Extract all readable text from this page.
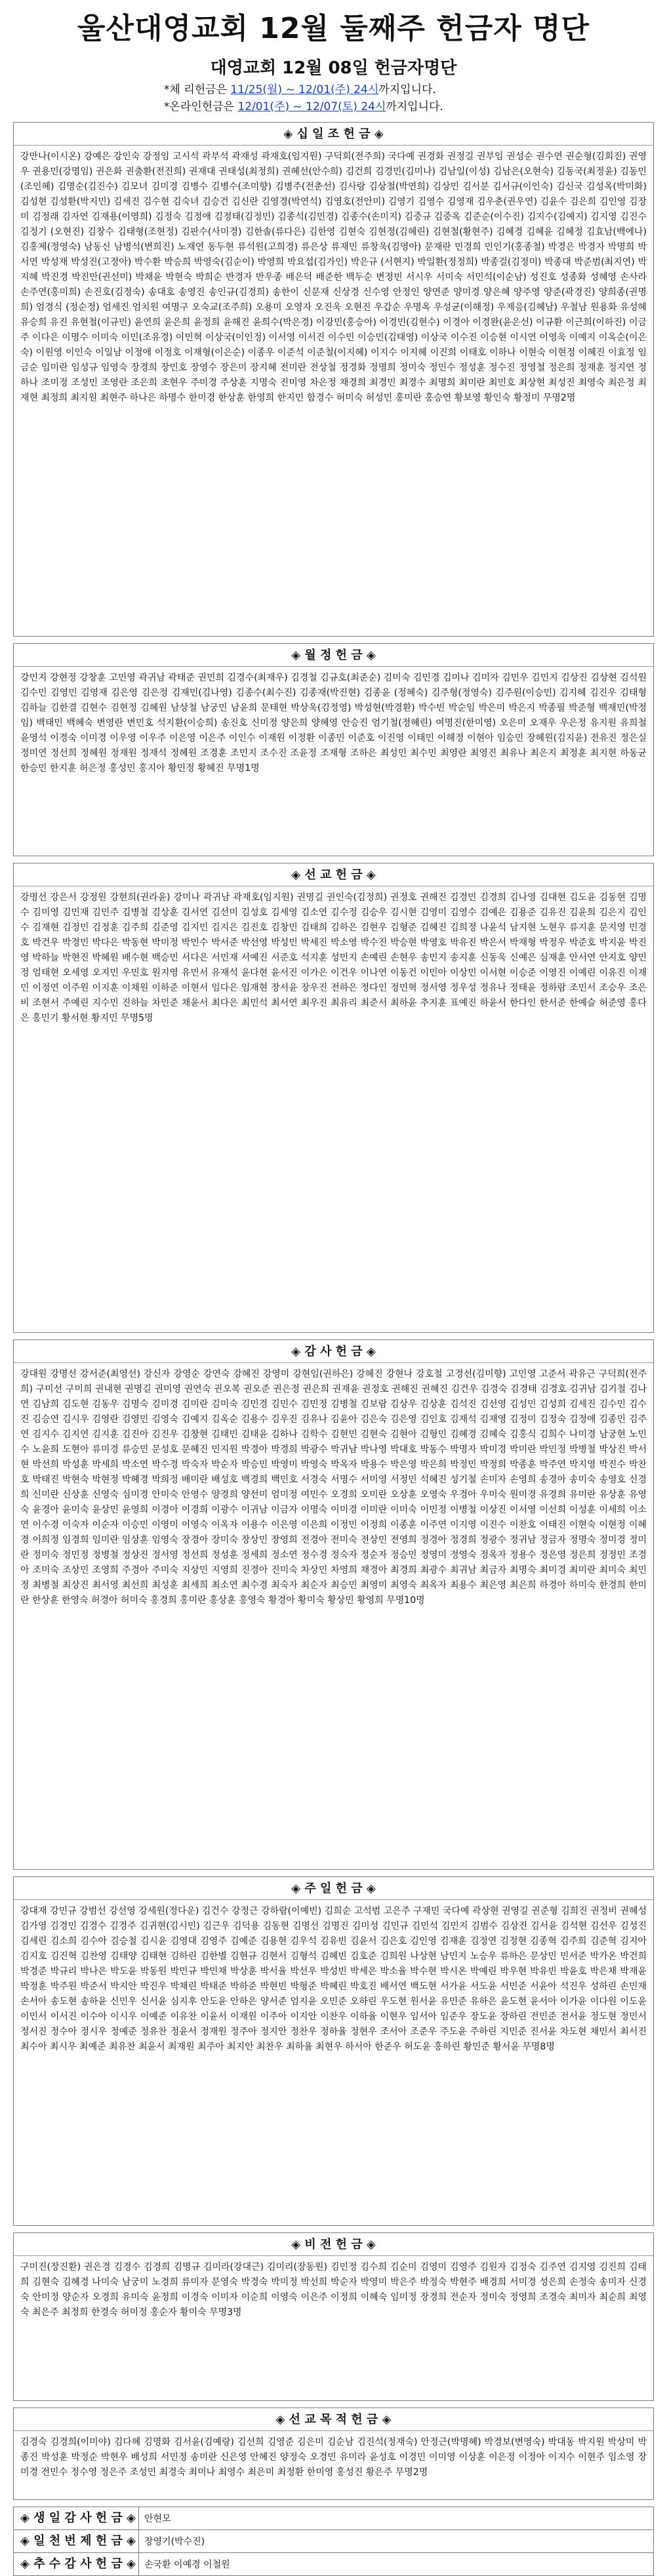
울산대영교회 12월 둘째주 헌금자 명단
대영교회 12월 08일 헌금자명단
*체 리헌금은 11/25(월) ~ 12/01(주) 24시까지입니다.
*온라인헌금은 12/01(주) ~ 12/07(토) 24시까지입니다.
◈ 십 일 조 헌 금 ◈
강만나(이시온) 강예은 강인숙 강정임 고시석 곽부석 곽재성 곽재호(임지원) 구덕회(전주희) 국다예 권경화 권정길 권부임 권성순 권수연 권순형(김회진) 권영우 권용민(강명임) 권은화 권출환(전진희) 권재대 권태성(최정희) 권혜선(안수희) 김건희 김경민(김미나) 김남일(이성) 김남은(오현숙) 김동국(최정윤) 김동민(조인혜) 김명순(김진수) 김모녀 김미경 김병수 김병수(조미향) 김병주(전춘선) 김사랑 김상철(박연희) 김상민 김서분 김서규(이인숙) 김신국 김성옥(박미화) 김성현 김성환(박지민) 김세진 김수현 김숙녀 김승건 김신란 김영경(박연석) 김영호(전안미) 김영기 김영수 김영재 김우춘(권우연) 김윤수 김은희 김인영 김장미 김정래 김자연 김재용(이영희) 김정숙 김정애 김정태(김정민) 김종석(김민경) 김종수(손미지) 김중규 김중옥 김준순(이수진) 김지수(김예지) 김지영 김진수 김정기 (오현진) 김창수 김태형(조현정) 김판수(사미경) 김한솔(류다은) 김한영 김현숙 김현정(김혜린) 김현철(황현주) 김혜경 김혜윤 김혜정 김효남(백에나) 김홍제(정영숙) 남동신 남병석(변희진) 노재연 동두현 류석원(고희경) 류은상 류재민 류창욱(김영아) 문재란 민경희 민인기(홍종철) 박경은 박경자 박명희 박서연 박성재 박성진(고정아) 박수환 박승희 박영숙(김순이) 박영희 박요섭(김가인) 박은규 (서현지) 박일환(정정희) 박종걸(김정미) 박종대 박준범(최지연) 박지혜 박진경 박진만(권선미) 박채윤 박현숙 박희순 반경자 반우종 배은덕 배준한 백두순 변정빈 서시우 서미숙 서민석(이순남) 성진호 성종화 성혜영 손사라 손주연(홍미희) 손진호(김정숙) 송대호 송영진 송인규(김경희) 송한이 신문재 신상경 신수영 안정인 양연준 양미경 양은혜 양주영 양준(곽경진) 양희종(권명희) 엄경식 (정순정) 엄세진 엄치원 여명구 오숙교(조주희) 오용미 오영자 오진욱 오현진 우갑순 우명옥 우성균(이해정) 우제응(김혜남) 우철남 원용화 유성혜 유승희 유진 유현철(이규민) 윤연희 윤은희 윤정희 윤해진 윤희수(박은경) 이강민(홍승아) 이경민(김현수) 이경아 이경완(윤은선) 이규환 이근희(이하진) 이금주 이다은 이명수 이미숙 이민(조유경) 이민혁 이상국(이인정) 이서영 이서진 이수민 이승민(김태영) 이상국 이수진 이승현 이시연 이영욱 이예지 이옥순(이은숙) 이원영 이인숙 이일남 이정애 이정호 이재형(이은순) 이종우 이준석 이준철(이지혜) 이지수 이지혜 이진희 이태호 이하나 이현숙 이현정 이혜진 이효정 임금순 임미란 임성규 임영숙 장경희 장민호 장영수 장은미 장지혜 전미란 전상철 정경화 정명희 정미숙 정민수 정성훈 정수진 정영철 정은희 정재훈 정지연 정하나 조미정 조성민 조영란 조은희 조현우 주미경 주상훈 지명숙 진미영 차은정 채경희 최경민 최경수 최명희 최미란 최민호 최상현 최성진 최영숙 최은정 최재현 최정희 최지원 최현주 하나은 하명수 한미경 한상훈 한영희 한지민 함경수 허미숙 허성민 홍미란 홍승연 황보영 황인숙 황정미 무명2명
◈ 월 정 헌 금 ◈
강민지 강현정 강창훈 고민영 곽귀남 곽태준 권민희 김경수(최재우) 김경철 김규호(최준순) 김미숙 김민경 김미나 김미자 김민우 김민지 김상진 김상현 김석원 김수민 김영민 김영재 김은영 김은정 김재민(김나영) 김종수(최수진) 김종재(박진현) 김종윤 (정혜숙) 김주형(정영숙) 김주원(이승민) 김지혜 김진우 김태형 김하늘 김한결 김현수 김현정 김혜원 남상철 남궁민 남윤희 문태현 박상욱(김정영) 박성현(박경환) 박수빈 박순임 박은미 박은지 박종필 박준형 백재민(박정임) 백태민 백혜숙 변영란 변민호 석지환(이승희) 송진호 신미정 양은희 양혜영 안승진 엄기철(정혜린) 여명진(한미영) 오은미 오재우 우은정 유지원 유희철 윤영석 이경숙 이미경 이우영 이우주 이은영 이은주 이인수 이재원 이정환 이종민 이준호 이진영 이태민 이해정 이현아 임승민 장혜원(김지윤) 전유진 정은실 정미연 정선희 정혜원 정재원 정재석 정혜원 조경훈 조민지 조수진 조윤정 조재형 조하은 최성민 최수민 최영란 최영진 최유나 최은지 최정훈 최지현 하동균 한승민 한지훈 허은정 홍성민 홍지아 황민정 황혜진 무명1명
◈ 선 교 헌 금 ◈
강명선 강은서 강정원 강현희(권라윤) 강미나 곽귀남 곽재호(임지원) 권명길 권인숙(김정희) 권정호 권해진 김경민 김경희 김나영 김대현 김도윤 김동현 김명수 김미영 김민재 김민주 김병철 김상훈 김서연 김선미 김성호 김세영 김소연 김수정 김승우 김시현 김영미 김영수 김예은 김용준 김유진 김윤희 김은지 김인수 김재현 김정민 김정훈 김주희 김준영 김지민 김지은 김진호 김창민 김태희 김하은 김현우 김형준 김혜진 김희정 나윤석 남지현 노현우 류지훈 문지영 민경호 박건우 박경민 박다은 박동현 박미정 박민수 박서준 박선영 박성민 박세진 박소영 박수진 박승현 박영호 박유진 박은서 박재형 박정우 박준호 박지윤 박진영 박하늘 박현진 박혜원 배수현 백승민 서다은 서민재 서예진 서준호 석지훈 성민지 손예린 손현우 송민지 송지훈 신동욱 신예은 심재훈 안서연 안지호 양민정 엄태현 오세영 오지민 우민호 원지영 유민서 유재석 윤다현 윤서진 이가은 이건우 이나연 이동건 이민아 이상민 이서현 이승준 이영진 이예린 이유진 이재민 이정연 이주원 이지훈 이채원 이하준 이현서 임다은 임재현 장서윤 장우진 전하은 정다인 정민혁 정서영 정우성 정유나 정태윤 정하람 조민서 조승우 조은비 조현서 주예린 지수민 진하늘 차민준 채윤서 최다은 최민석 최서연 최우진 최유리 최준서 최하윤 추지훈 표예진 하윤서 한다인 한서준 한예슬 허준영 홍다은 홍민기 황서현 황지민 무명5명
◈ 감 사 헌 금 ◈
강대원 강명선 강서준(최영선) 강신자 강영순 강연숙 강혜진 강영미 강현임(권하은) 강혜진 강현나 강호철 고경선(김미향) 고민영 고준서 곽유근 구덕희(전주희) 구미선 구미희 권내현 권명길 권미영 권연숙 권오복 권오준 권은정 권은희 권재윤 권정호 권해진 권혜진 김건우 김경숙 김경태 김경호 김귀남 김기철 김나연 김남희 김도현 김동우 김명숙 김미경 김미란 김미숙 김민경 김민수 김민정 김병철 김보람 김상우 김상훈 김석진 김선영 김성민 김성희 김세진 김수민 김수진 김승연 김시우 김영란 김영민 김영숙 김예지 김옥순 김용수 김우진 김유나 김윤아 김은숙 김은영 김인호 김재석 김재영 김정미 김정숙 김정애 김종민 김주연 김지수 김지연 김지훈 김진아 김진우 김창현 김태민 김태윤 김하나 김학수 김현민 김현숙 김현아 김형민 김혜경 김혜숙 김홍식 김희수 나미경 남궁현 노민수 노윤희 도현아 류미경 류승민 문성호 문혜진 민지원 박경아 박경희 박광수 박귀남 박나영 박대호 박동수 박명자 박미경 박미란 박민정 박병철 박상진 박서현 박선희 박성훈 박세희 박소연 박수경 박숙자 박순자 박승민 박영미 박영숙 박옥자 박용수 박은영 박은희 박정민 박정희 박종훈 박주연 박지영 박진수 박찬호 박태진 박현숙 박현정 박혜경 박희정 배미란 배성호 백경희 백민호 서경숙 서명수 서미영 서정민 석혜진 성기철 손미자 손영희 송경아 송미숙 송영호 신경희 신미란 신상훈 신영숙 심미경 안미숙 안영수 양경희 양선미 엄미정 여민수 오경희 오미란 오상훈 오영숙 우경아 우미숙 원미경 유경희 유미란 유상훈 유영숙 윤경아 윤미숙 윤상민 윤영희 이경아 이경희 이광수 이귀남 이금자 이명숙 이미경 이미란 이미숙 이민정 이병철 이상진 이서영 이선희 이성훈 이세희 이소연 이수경 이숙자 이순자 이승민 이영미 이영숙 이옥자 이용수 이은영 이은희 이정민 이정희 이종훈 이주연 이지영 이진수 이찬호 이태진 이현숙 이현정 이혜경 이희정 임경희 임미란 임상훈 임영숙 장경아 장미숙 장상민 장영희 전경아 전미숙 전상민 전영희 정경아 정경희 정광수 정귀남 정금자 정명숙 정미경 정미란 정미숙 정민정 정병철 정상진 정서영 정선희 정성훈 정세희 정소연 정수경 정숙자 정순자 정승민 정영미 정영숙 정옥자 정용수 정은영 정은희 정정민 조경아 조미숙 조상민 조영희 주경아 주미숙 지상민 지영희 진경아 진미숙 차상민 차영희 채경아 최경희 최광수 최귀남 최금자 최명숙 최미경 최미란 최미숙 최민정 최병철 최상진 최서영 최선희 최성훈 최세희 최소연 최수경 최숙자 최순자 최승민 최영미 최영숙 최옥자 최용수 최은영 최은희 하경아 하미숙 한경희 한미란 한상훈 한영숙 허경아 허미숙 홍경희 홍미란 홍상훈 홍영숙 황경아 황미숙 황상민 황영희 무명10명
◈ 주 일 헌 금 ◈
강대재 강민규 강범선 강선영 강세원(정다운) 김건수 강정근 강하람(이예빈) 김희순 고석범 고은주 구재민 국다예 곽상현 권영길 권준형 김희진 권정비 권혜성 김가영 김경민 김경수 김경주 김귀현(김시민) 김근우 김덕용 김동현 김명선 김명진 김미성 김민규 김민석 김민지 김범수 김상진 김서윤 김석현 김선우 김성진 김세린 김소희 김수아 김승철 김시윤 김영대 김영주 김예준 김용현 김우석 김유빈 김윤서 김은호 김인영 김재훈 김정연 김정현 김종혁 김주희 김준혁 김지아 김지호 김진혁 김찬영 김태양 김태현 김하린 김한별 김현규 김현서 김형석 김혜빈 김호준 김희원 나상현 남민지 노승우 류하은 문상민 민서준 박가온 박건희 박경준 박규리 박나은 박도윤 박동원 박민규 박민채 박상훈 박서율 박선우 박성빈 박세은 박소율 박수현 박시온 박예린 박우현 박유빈 박윤호 박은채 박재윤 박정훈 박주원 박준서 박지안 박진우 박채린 박태준 박하준 박현빈 박형준 박혜린 박호진 배서연 백도현 서가윤 서도윤 서민준 서윤아 석진우 성하린 손민재 손서아 송도현 송하윤 신민우 신서윤 심지후 안도윤 안하은 양서준 엄지윤 오민준 오하린 우도현 원서윤 유민준 유하은 윤도현 윤서아 이가윤 이다원 이도윤 이민서 이서진 이수아 이시우 이예준 이유찬 이윤서 이재원 이주아 이지안 이찬우 이하율 이현우 임서아 임준우 장도윤 장하린 전민준 전서윤 정도현 정민서 정서진 정수아 정시우 정예준 정유찬 정윤서 정재원 정주아 정지안 정찬우 정하율 정현우 조서아 조준우 주도윤 주하린 지민준 진서윤 차도현 채민서 최서진 최수아 최시우 최예준 최유찬 최윤서 최재원 최주아 최지안 최찬우 최하율 최현우 하서아 한준우 허도윤 홍하린 황민준 황서윤 무명8명
◈ 비 전 헌 금 ◈
구미진(장진환) 권은경 김경수 김경희 김명규 김미라(강대근) 김미리(장동원) 김민정 김수희 김순미 김영미 김영주 김원자 김정숙 김주연 김지영 김진희 김태희 김현숙 김혜경 나미숙 남궁미 노경희 류미자 문영숙 박경숙 박미정 박선희 박순자 박영미 박은주 박정숙 박현주 배경희 서미경 성은희 손정숙 송미자 신경숙 안미정 양순자 오경희 유미숙 윤정희 이경숙 이미자 이순희 이영숙 이은주 이정희 이혜숙 임미정 장경희 전순자 정미숙 정영희 조경숙 최미자 최순희 최영숙 최은주 최정희 한경숙 허미정 홍순자 황미숙 무명3명
◈ 선 교 목 적 헌 금 ◈
김경숙 김경희(이미야) 김다혜 김명화 김서윤(김예랑) 김선희 김영준 김은미 김순남 김진석(정재숙) 안정근(박명혜) 박경보(변영숙) 박대동 박지원 박상미 박종진 박성훈 박정순 박현우 배성희 서민정 송미란 신은영 안혜진 양정숙 오경민 유미라 윤성호 이경민 이미영 이상훈 이은정 이정아 이지수 이현주 임소영 장미경 전민수 정수영 정은주 조성민 최경숙 최미나 최영수 최은미 최정환 한미영 홍성진 황은주 무명2명
◈ 생 일 감 사 헌 금 ◈ 안현모
◈ 일 천 번 제 헌 금 ◈ 장영기(박수진)
◈ 추 수 감 사 헌 금 ◈ 손국환 이예경 이철원
